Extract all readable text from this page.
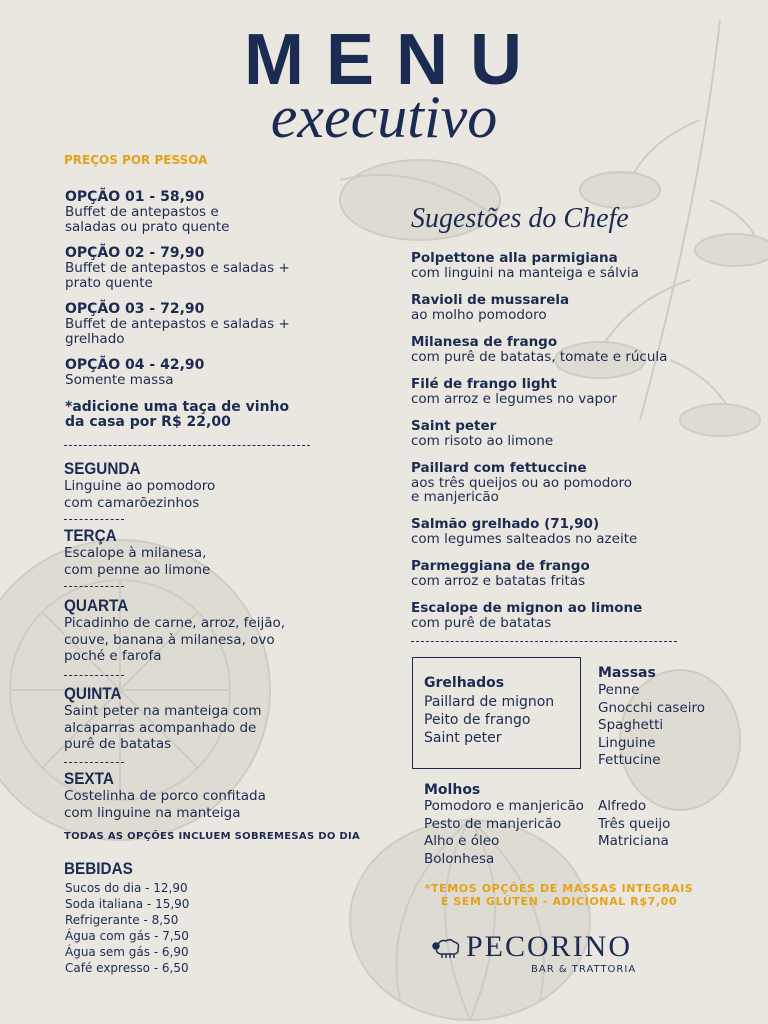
MENU
executivo
PREÇOS POR PESSOA
OPÇÃO 01 - 58,90
Buffet de antepastos e
saladas ou prato quente
OPÇÃO 02 - 79,90
Buffet de antepastos e saladas +
prato quente
OPÇÃO 03 - 72,90
Buffet de antepastos e saladas +
grelhado
OPÇÃO 04 - 42,90
Somente massa
*adicione uma taça de vinho
da casa por R$ 22,00
SEGUNDA
Linguine ao pomodoro
com camarõezinhos
TERÇA
Escalope à milanesa,
com penne ao limone
QUARTA
Picadinho de carne, arroz, feijão,
couve, banana à milanesa, ovo
poché e farofa
QUINTA
Saint peter na manteiga com
alcaparras acompanhado de
purê de batatas
SEXTA
Costelinha de porco confitada
com linguine na manteiga
TODAS AS OPÇÕES INCLUEM SOBREMESAS DO DIA
BEBIDAS
Sucos do dia - 12,90
Soda italiana - 15,90
Refrigerante - 8,50
Água com gás - 7,50
Água sem gás - 6,90
Café expresso - 6,50
Sugestões do Chefe
Polpettone alla parmigiana
com linguini na manteiga e sálvia
Ravioli de mussarela
ao molho pomodoro
Milanesa de frango
com purê de batatas, tomate e rúcula
Filé de frango light
com arroz e legumes no vapor
Saint peter
com risoto ao limone
Paillard com fettuccine
aos três queijos ou ao pomodoro
e manjericão
Salmão grelhado (71,90)
com legumes salteados no azeite
Parmeggiana de frango
com arroz e batatas fritas
Escalope de mignon ao limone
com purê de batatas
Grelhados
Paillard de mignon
Peito de frango
Saint peter
Massas
Penne
Gnocchi caseiro
Spaghetti
Linguine
Fettucine
Molhos
Pomodoro e manjericão
Pesto de manjericão
Alho e óleo
Bolonhesa
Alfredo
Três queijo
Matriciana
*TEMOS OPÇÕES DE MASSAS INTEGRAIS
E SEM GLÚTEN - ADICIONAL R$7,00
PECORINO
BAR & TRATTORIA
